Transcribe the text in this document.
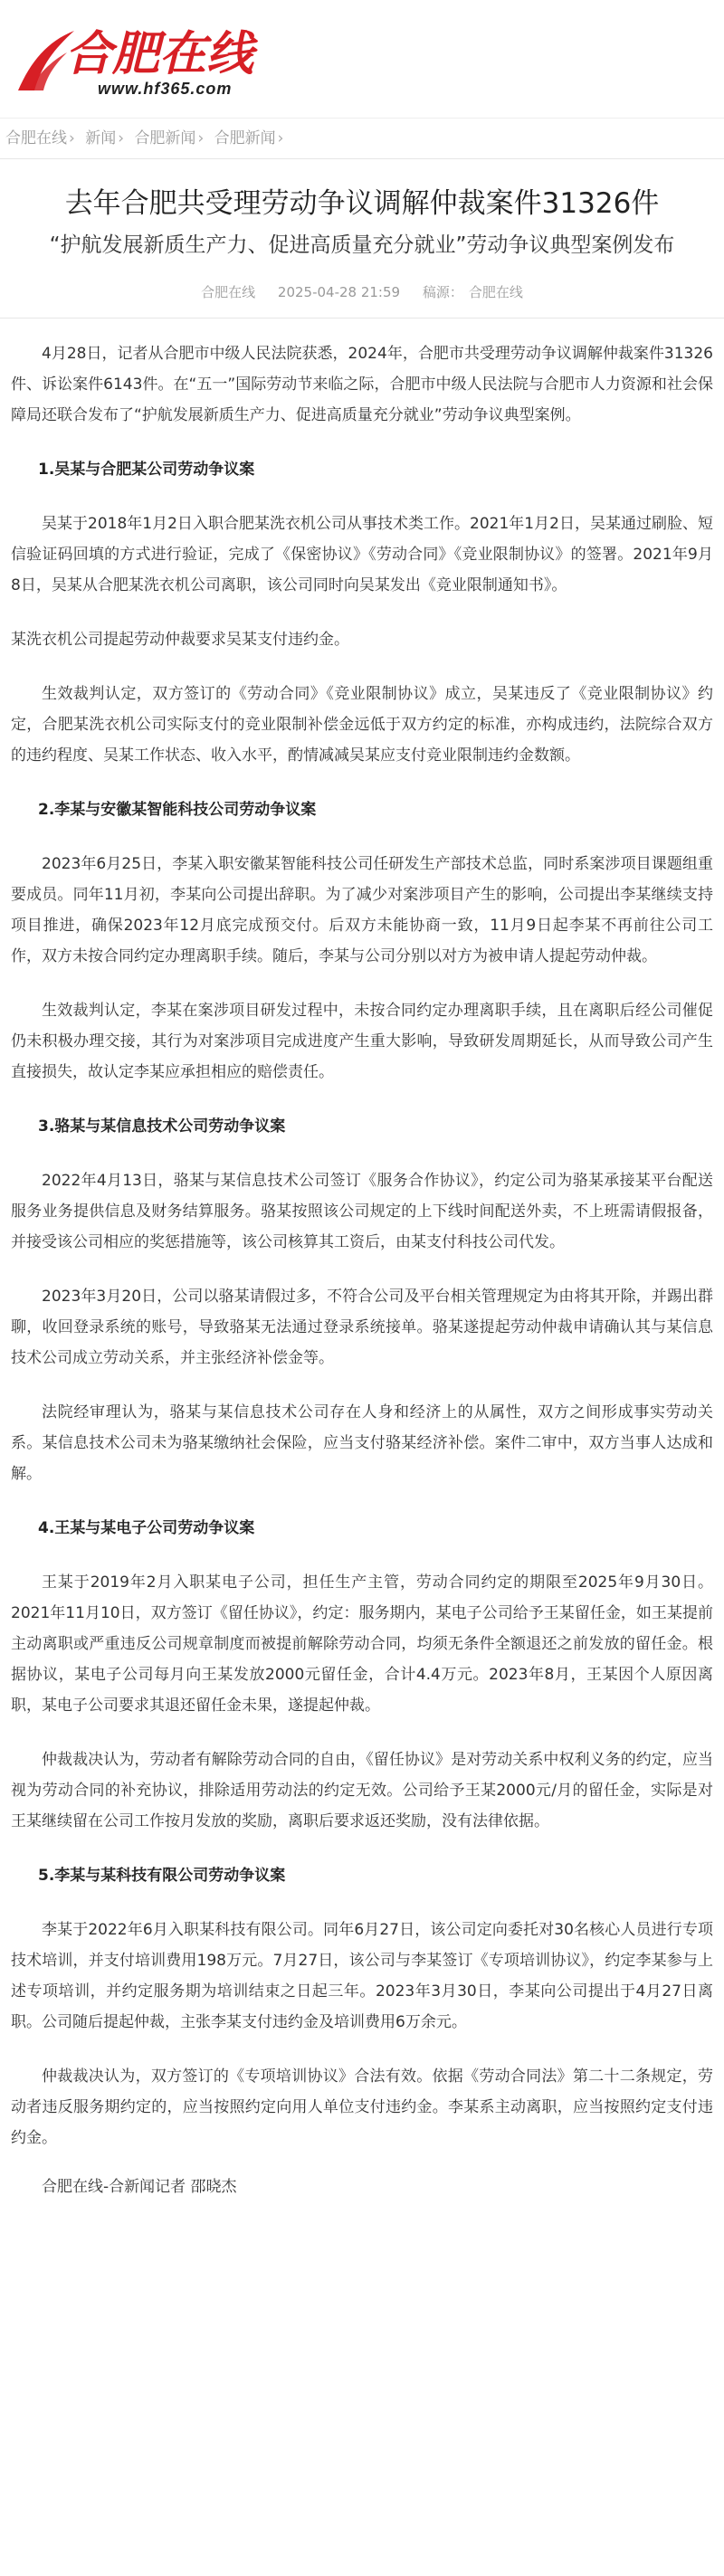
合肥在线
www.hf365.com
合肥在线 › 新闻 › 合肥新闻 › 合肥新闻 ›
去年合肥共受理劳动争议调解仲裁案件31326件
“护航发展新质生产力、促进高质量充分就业”劳动争议典型案例发布
合肥在线 2025-04-28 21:59 稿源： 合肥在线

4月28日，记者从合肥市中级人民法院获悉，2024年，合肥市共受理劳动争议调解仲裁案件31326件、诉讼案件6143件。在“五一”国际劳动节来临之际，合肥市中级人民法院与合肥市人力资源和社会保障局还联合发布了“护航发展新质生产力、促进高质量充分就业”劳动争议典型案例。

1.吴某与合肥某公司劳动争议案

吴某于2018年1月2日入职合肥某洗衣机公司从事技术类工作。2021年1月2日，吴某通过刷脸、短信验证码回填的方式进行验证，完成了《保密协议》《劳动合同》《竞业限制协议》的签署。2021年9月8日，吴某从合肥某洗衣机公司离职，该公司同时向吴某发出《竞业限制通知书》。

某洗衣机公司提起劳动仲裁要求吴某支付违约金。

生效裁判认定，双方签订的《劳动合同》《竞业限制协议》成立，吴某违反了《竞业限制协议》约定，合肥某洗衣机公司实际支付的竞业限制补偿金远低于双方约定的标准，亦构成违约，法院综合双方的违约程度、吴某工作状态、收入水平，酌情减减吴某应支付竞业限制违约金数额。

2.李某与安徽某智能科技公司劳动争议案

2023年6月25日，李某入职安徽某智能科技公司任研发生产部技术总监，同时系案涉项目课题组重要成员。同年11月初，李某向公司提出辞职。为了减少对案涉项目产生的影响，公司提出李某继续支持项目推进，确保2023年12月底完成预交付。后双方未能协商一致，11月9日起李某不再前往公司工作，双方未按合同约定办理离职手续。随后，李某与公司分别以对方为被申请人提起劳动仲裁。

生效裁判认定，李某在案涉项目研发过程中，未按合同约定办理离职手续，且在离职后经公司催促仍未积极办理交接，其行为对案涉项目完成进度产生重大影响，导致研发周期延长，从而导致公司产生直接损失，故认定李某应承担相应的赔偿责任。

3.骆某与某信息技术公司劳动争议案

2022年4月13日，骆某与某信息技术公司签订《服务合作协议》，约定公司为骆某承接某平台配送服务业务提供信息及财务结算服务。骆某按照该公司规定的上下线时间配送外卖，不上班需请假报备，并接受该公司相应的奖惩措施等，该公司核算其工资后，由某支付科技公司代发。

2023年3月20日，公司以骆某请假过多，不符合公司及平台相关管理规定为由将其开除，并踢出群聊，收回登录系统的账号，导致骆某无法通过登录系统接单。骆某遂提起劳动仲裁申请确认其与某信息技术公司成立劳动关系，并主张经济补偿金等。

法院经审理认为，骆某与某信息技术公司存在人身和经济上的从属性，双方之间形成事实劳动关系。某信息技术公司未为骆某缴纳社会保险，应当支付骆某经济补偿。案件二审中，双方当事人达成和解。

4.王某与某电子公司劳动争议案

王某于2019年2月入职某电子公司，担任生产主管，劳动合同约定的期限至2025年9月30日。2021年11月10日，双方签订《留任协议》，约定：服务期内，某电子公司给予王某留任金，如王某提前主动离职或严重违反公司规章制度而被提前解除劳动合同，均须无条件全额退还之前发放的留任金。根据协议，某电子公司每月向王某发放2000元留任金，合计4.4万元。2023年8月，王某因个人原因离职，某电子公司要求其退还留任金未果，遂提起仲裁。

仲裁裁决认为，劳动者有解除劳动合同的自由，《留任协议》是对劳动关系中权利义务的约定，应当视为劳动合同的补充协议，排除适用劳动法的约定无效。公司给予王某2000元/月的留任金，实际是对王某继续留在公司工作按月发放的奖励，离职后要求返还奖励，没有法律依据。

5.李某与某科技有限公司劳动争议案

李某于2022年6月入职某科技有限公司。同年6月27日，该公司定向委托对30名核心人员进行专项技术培训，并支付培训费用198万元。7月27日，该公司与李某签订《专项培训协议》，约定李某参与上述专项培训，并约定服务期为培训结束之日起三年。2023年3月30日，李某向公司提出于4月27日离职。公司随后提起仲裁，主张李某支付违约金及培训费用6万余元。

仲裁裁决认为，双方签订的《专项培训协议》合法有效。依据《劳动合同法》第二十二条规定，劳动者违反服务期约定的，应当按照约定向用人单位支付违约金。李某系主动离职，应当按照约定支付违约金。

合肥在线-合新闻记者 邵晓杰
